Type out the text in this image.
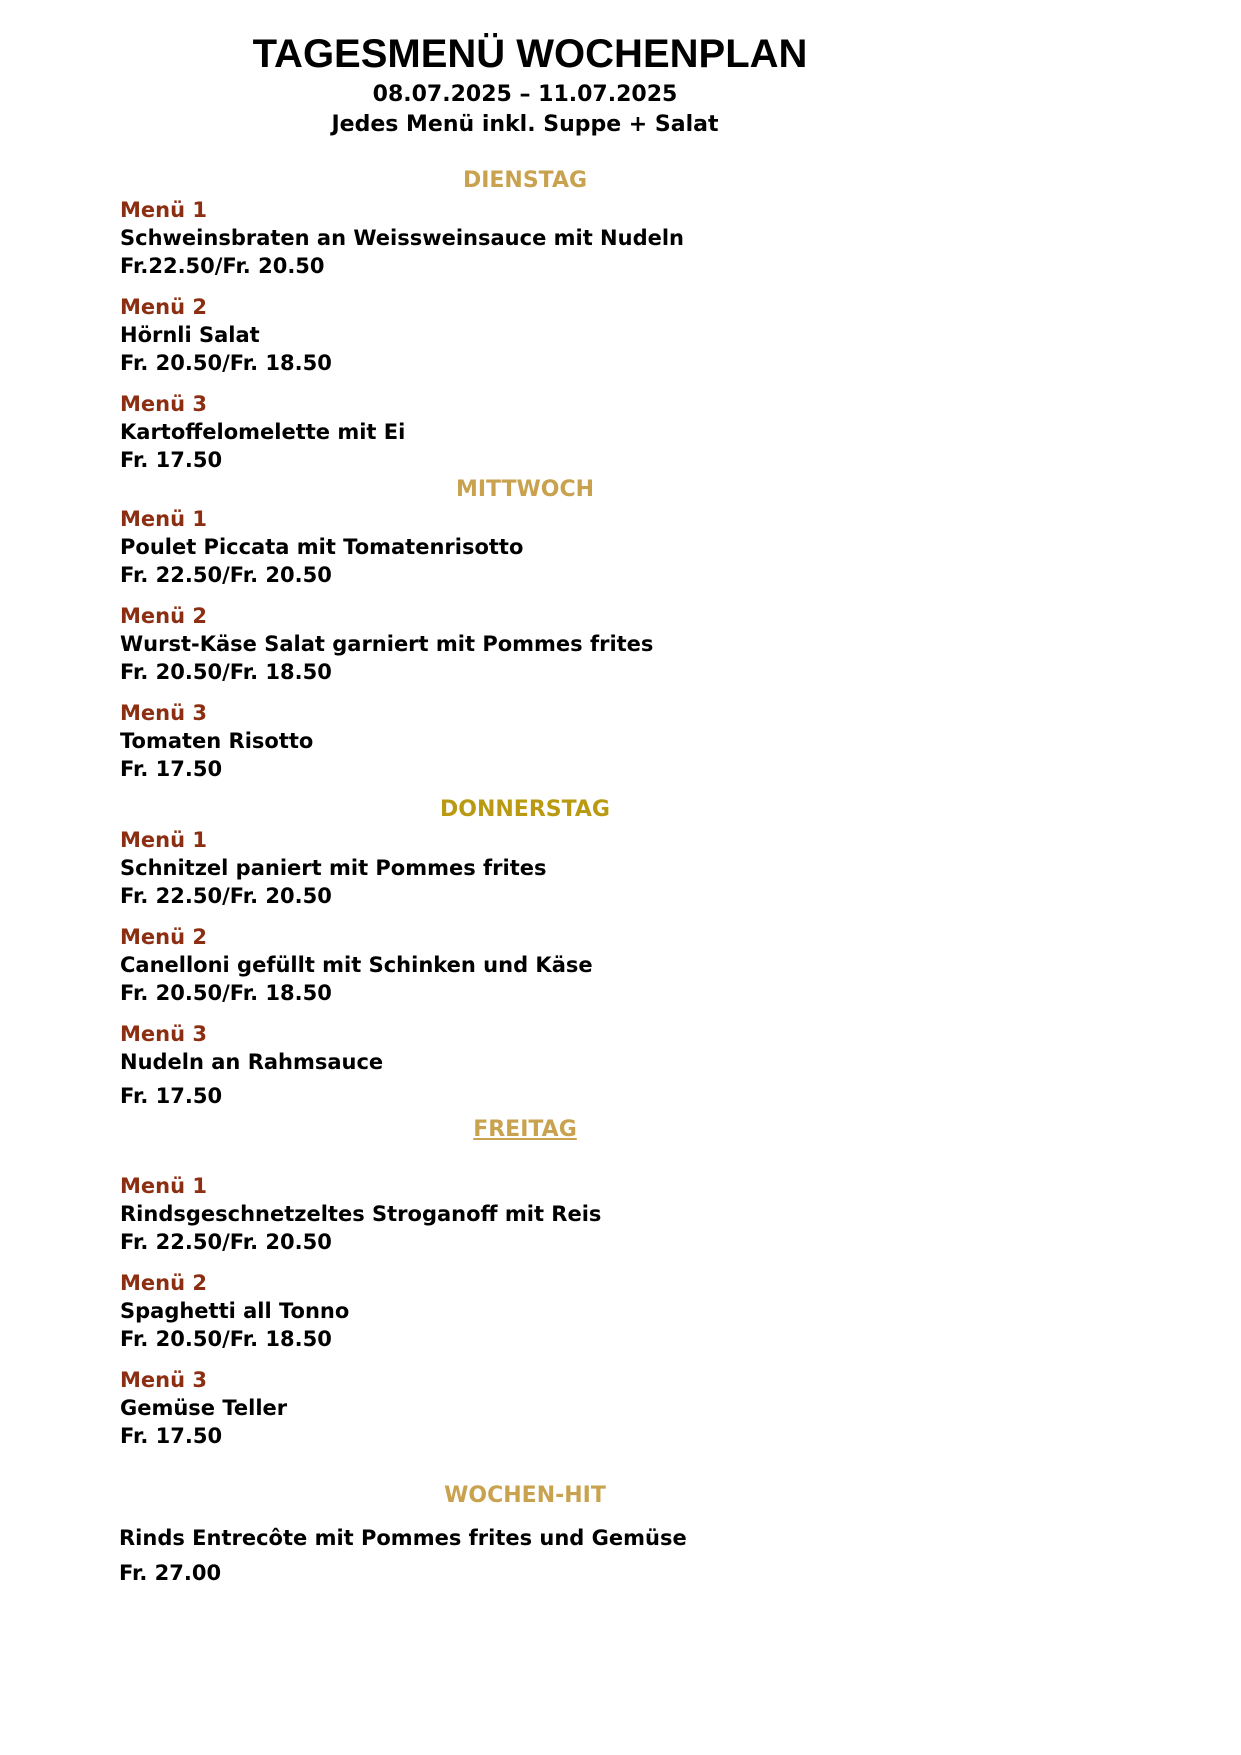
TAGESMENÜ WOCHENPLAN
08.07.2025 – 11.07.2025
Jedes Menü inkl. Suppe + Salat
DIENSTAG
Menü 1
Schweinsbraten an Weissweinsauce mit Nudeln
Fr.22.50/Fr. 20.50
Menü 2
Hörnli Salat
Fr. 20.50/Fr. 18.50
Menü 3
Kartoffelomelette mit Ei
Fr. 17.50
MITTWOCH
Menü 1
Poulet Piccata mit Tomatenrisotto
Fr. 22.50/Fr. 20.50
Menü 2
Wurst-Käse Salat garniert mit Pommes frites
Fr. 20.50/Fr. 18.50
Menü 3
Tomaten Risotto
Fr. 17.50
DONNERSTAG
Menü 1
Schnitzel paniert mit Pommes frites
Fr. 22.50/Fr. 20.50
Menü 2
Canelloni gefüllt mit Schinken und Käse
Fr. 20.50/Fr. 18.50
Menü 3
Nudeln an Rahmsauce
Fr. 17.50
FREITAG
Menü 1
Rindsgeschnetzeltes Stroganoff mit Reis
Fr. 22.50/Fr. 20.50
Menü 2
Spaghetti all Tonno
Fr. 20.50/Fr. 18.50
Menü 3
Gemüse Teller
Fr. 17.50
WOCHEN-HIT
Rinds Entrecôte mit Pommes frites und Gemüse
Fr. 27.00
